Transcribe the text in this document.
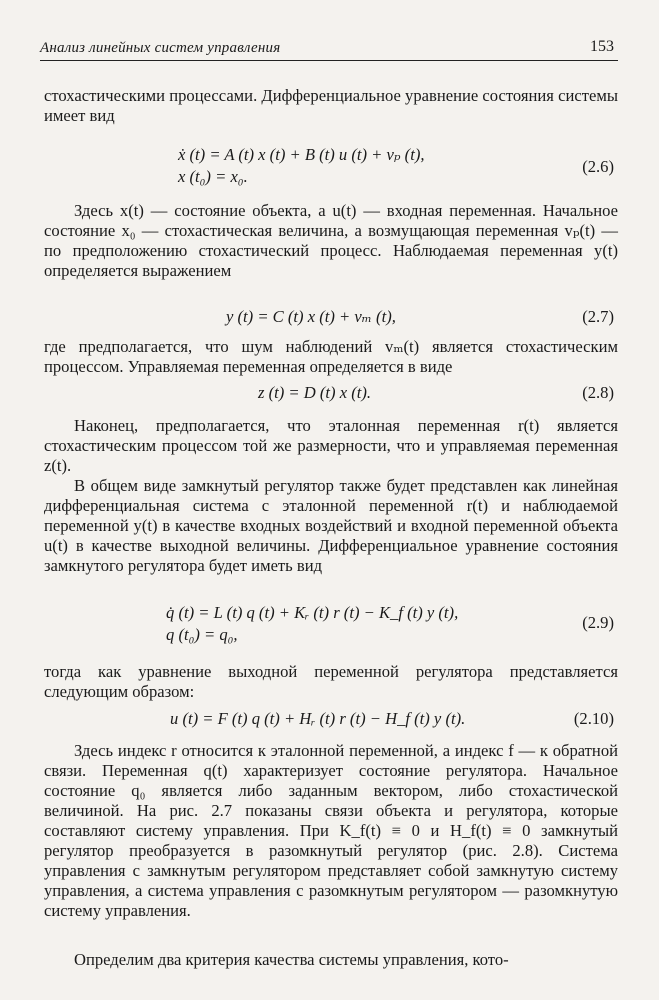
Анализ линейных систем управления	153

стохастическими процессами. Дифференциальное уравнение состояния системы имеет вид

ẋ (t) = A (t) x (t) + B (t) u (t) + vₚ (t),
x (t₀) = x₀.
(2.6)

Здесь x(t) — состояние объекта, а u(t) — входная переменная. Начальное состояние x₀ — стохастическая величина, а возмущающая переменная vₚ(t) — по предположению стохастический процесс. Наблюдаемая переменная y(t) определяется выражением

y (t) = C (t) x (t) + vₘ (t),	(2.7)

где предполагается, что шум наблюдений vₘ(t) является стохастическим процессом. Управляемая переменная определяется в виде

z (t) = D (t) x (t).	(2.8)

Наконец, предполагается, что эталонная переменная r(t) является стохастическим процессом той же размерности, что и управляемая переменная z(t).

В общем виде замкнутый регулятор также будет представлен как линейная дифференциальная система с эталонной переменной r(t) и наблюдаемой переменной y(t) в качестве входных воздействий и входной переменной объекта u(t) в качестве выходной величины. Дифференциальное уравнение состояния замкнутого регулятора будет иметь вид

q̇ (t) = L (t) q (t) + Kᵣ (t) r (t) − K_f (t) y (t),
q (t₀) = q₀,
(2.9)

тогда как уравнение выходной переменной регулятора представляется следующим образом:

u (t) = F (t) q (t) + Hᵣ (t) r (t) − H_f (t) y (t).	(2.10)

Здесь индекс r относится к эталонной переменной, а индекс f — к обратной связи. Переменная q(t) характеризует состояние регулятора. Начальное состояние q₀ является либо заданным вектором, либо стохастической величиной. На рис. 2.7 показаны связи объекта и регулятора, которые составляют систему управления. При K_f(t) ≡ 0 и H_f(t) ≡ 0 замкнутый регулятор преобразуется в разомкнутый регулятор (рис. 2.8). Система управления с замкнутым регулятором представляет собой замкнутую систему управления, а система управления с разомкнутым регулятором — разомкнутую систему управления.

Определим два критерия качества системы управления, кото-
